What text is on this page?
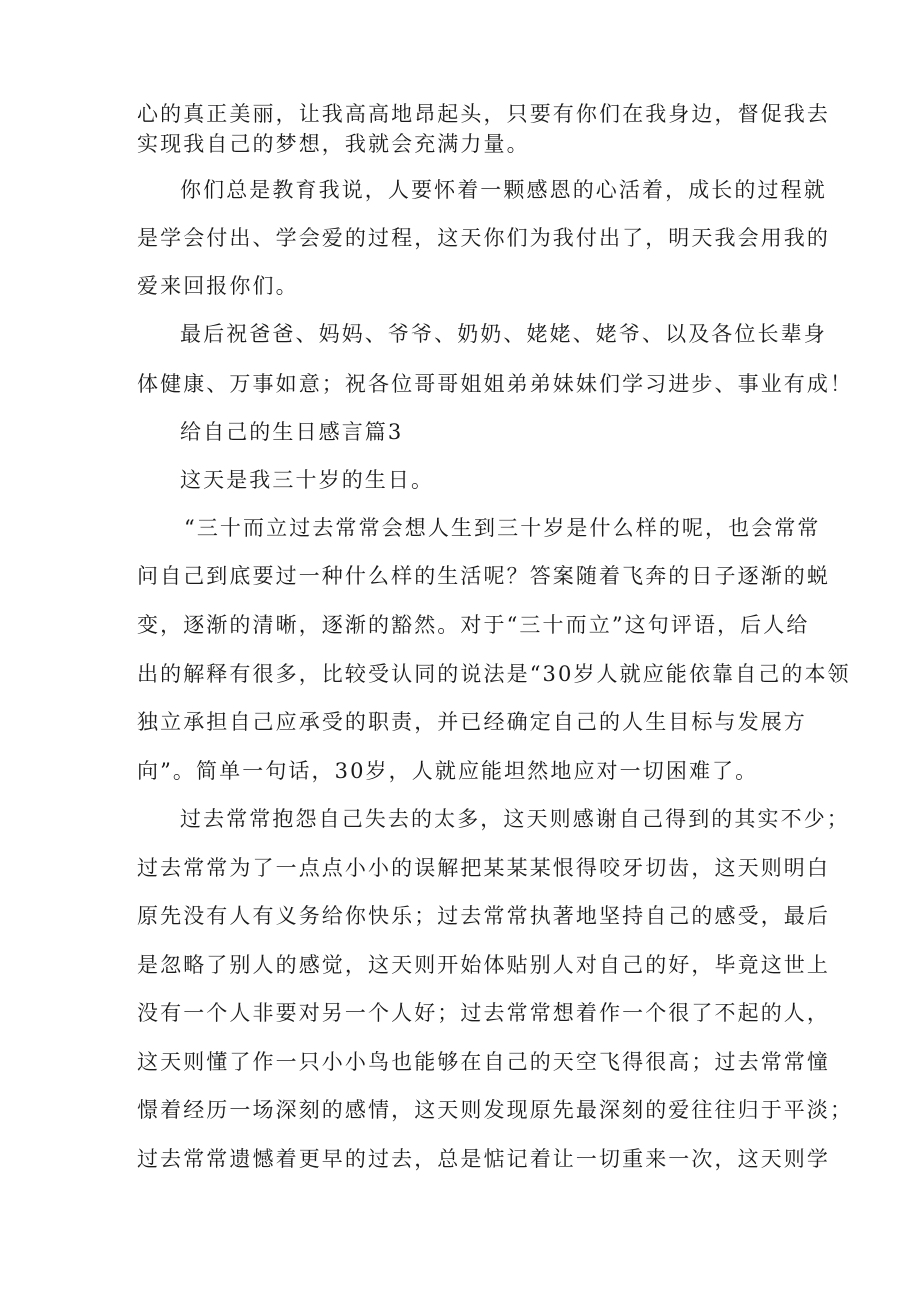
心的真正美丽，让我高高地昂起头，只要有你们在我身边，督促我去
实现我自己的梦想，我就会充满力量。
你们总是教育我说，人要怀着一颗感恩的心活着，成长的过程就
是学会付出、学会爱的过程，这天你们为我付出了，明天我会用我的
爱来回报你们。
最后祝爸爸、妈妈、爷爷、奶奶、姥姥、姥爷、以及各位长辈身
体健康、万事如意；祝各位哥哥姐姐弟弟妹妹们学习进步、事业有成！
给自己的生日感言篇3
这天是我三十岁的生日。
“三十而立过去常常会想人生到三十岁是什么样的呢，也会常常
问自己到底要过一种什么样的生活呢？答案随着飞奔的日子逐渐的蜕
变，逐渐的清晰，逐渐的豁然。对于“三十而立”这句评语，后人给
出的解释有很多，比较受认同的说法是“30岁人就应能依靠自己的本领
独立承担自己应承受的职责，并已经确定自己的人生目标与发展方
向”。简单一句话，30岁，人就应能坦然地应对一切困难了。
过去常常抱怨自己失去的太多，这天则感谢自己得到的其实不少；
过去常常为了一点点小小的误解把某某某恨得咬牙切齿，这天则明白
原先没有人有义务给你快乐；过去常常执著地坚持自己的感受，最后
是忽略了别人的感觉，这天则开始体贴别人对自己的好，毕竟这世上
没有一个人非要对另一个人好；过去常常想着作一个很了不起的人，
这天则懂了作一只小小鸟也能够在自己的天空飞得很高；过去常常憧
憬着经历一场深刻的感情，这天则发现原先最深刻的爱往往归于平淡；
过去常常遗憾着更早的过去，总是惦记着让一切重来一次，这天则学
